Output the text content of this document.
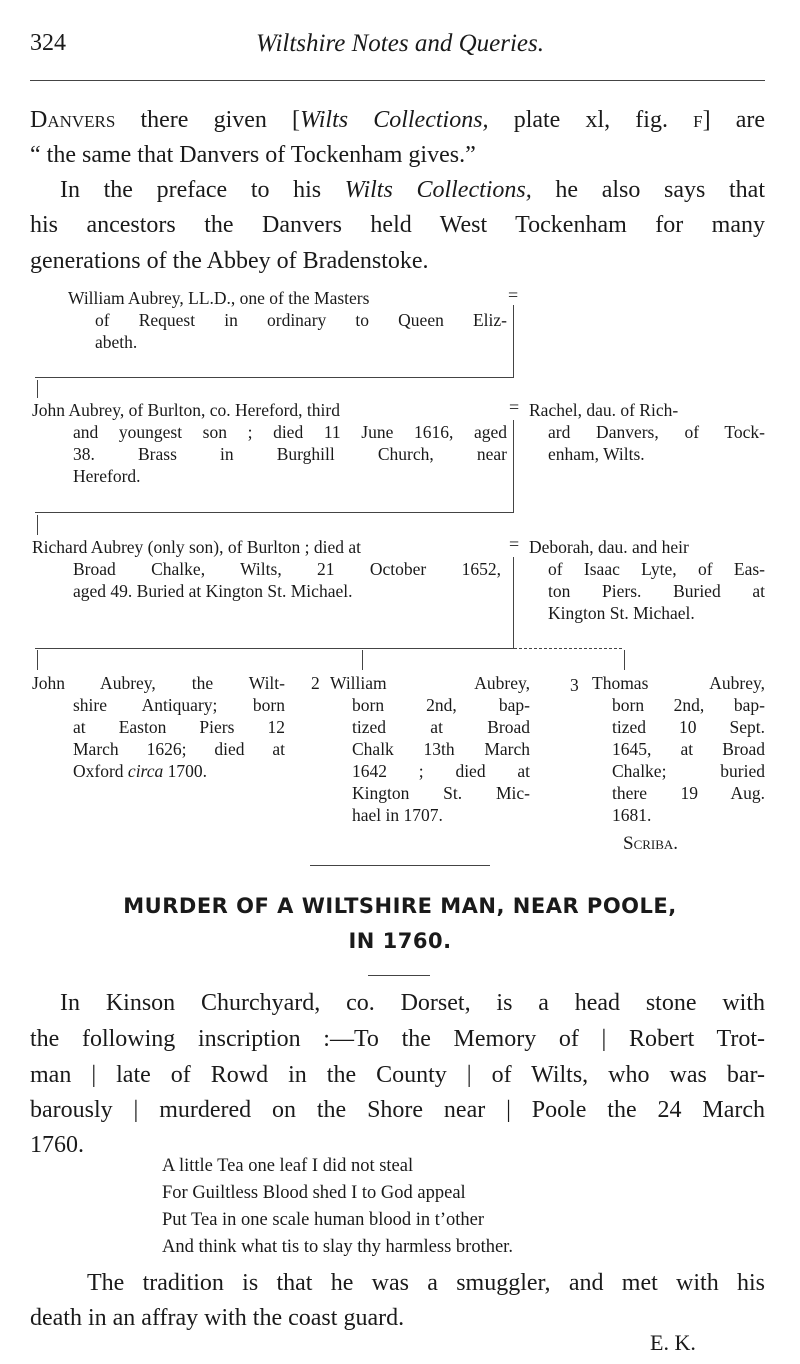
324	Wiltshire Notes and Queries.
Danvers there given [Wilts Collections, plate xl, fig. f] are
“ the same that Danvers of Tockenham gives.”
In the preface to his Wilts Collections, he also says that
his ancestors the Danvers held West Tockenham for many
generations of the Abbey of Bradenstoke.
William Aubrey, LL.D., one of the Masters
of Request in ordinary to Queen Eliz-
abeth.
=
John Aubrey, of Burlton, co. Hereford, third
and youngest son ; died 11 June 1616, aged
38. Brass in Burghill Church, near
Hereford.
= Rachel, dau. of Rich-
ard Danvers, of Tock-
enham, Wilts.
Richard Aubrey (only son), of Burlton ; died at
Broad Chalke, Wilts, 21 October 1652,
aged 49. Buried at Kington St. Michael.
= Deborah, dau. and heir
of Isaac Lyte, of Eas-
ton Piers. Buried at
Kington St. Michael.
John Aubrey, the Wilt-
shire Antiquary; born
at Easton Piers 12
March 1626; died at
Oxford circa 1700.
2 William Aubrey,
born 2nd, bap-
tized at Broad
Chalk 13th March
1642 ; died at
Kington St. Mic-
hael in 1707.
3 Thomas Aubrey,
born 2nd, bap-
tized 10 Sept.
1645, at Broad
Chalke; buried
there 19 Aug.
1681.
Scriba.
MURDER OF A WILTSHIRE MAN, NEAR POOLE,
IN 1760.
In Kinson Churchyard, co. Dorset, is a head stone with
the following inscription :—To the Memory of | Robert Trot-
man | late of Rowd in the County | of Wilts, who was bar-
barously | murdered on the Shore near | Poole the 24 March
1760.
A little Tea one leaf I did not steal
For Guiltless Blood shed I to God appeal
Put Tea in one scale human blood in t’other
And think what tis to slay thy harmless brother.
The tradition is that he was a smuggler, and met with his
death in an affray with the coast guard.
E. K.
